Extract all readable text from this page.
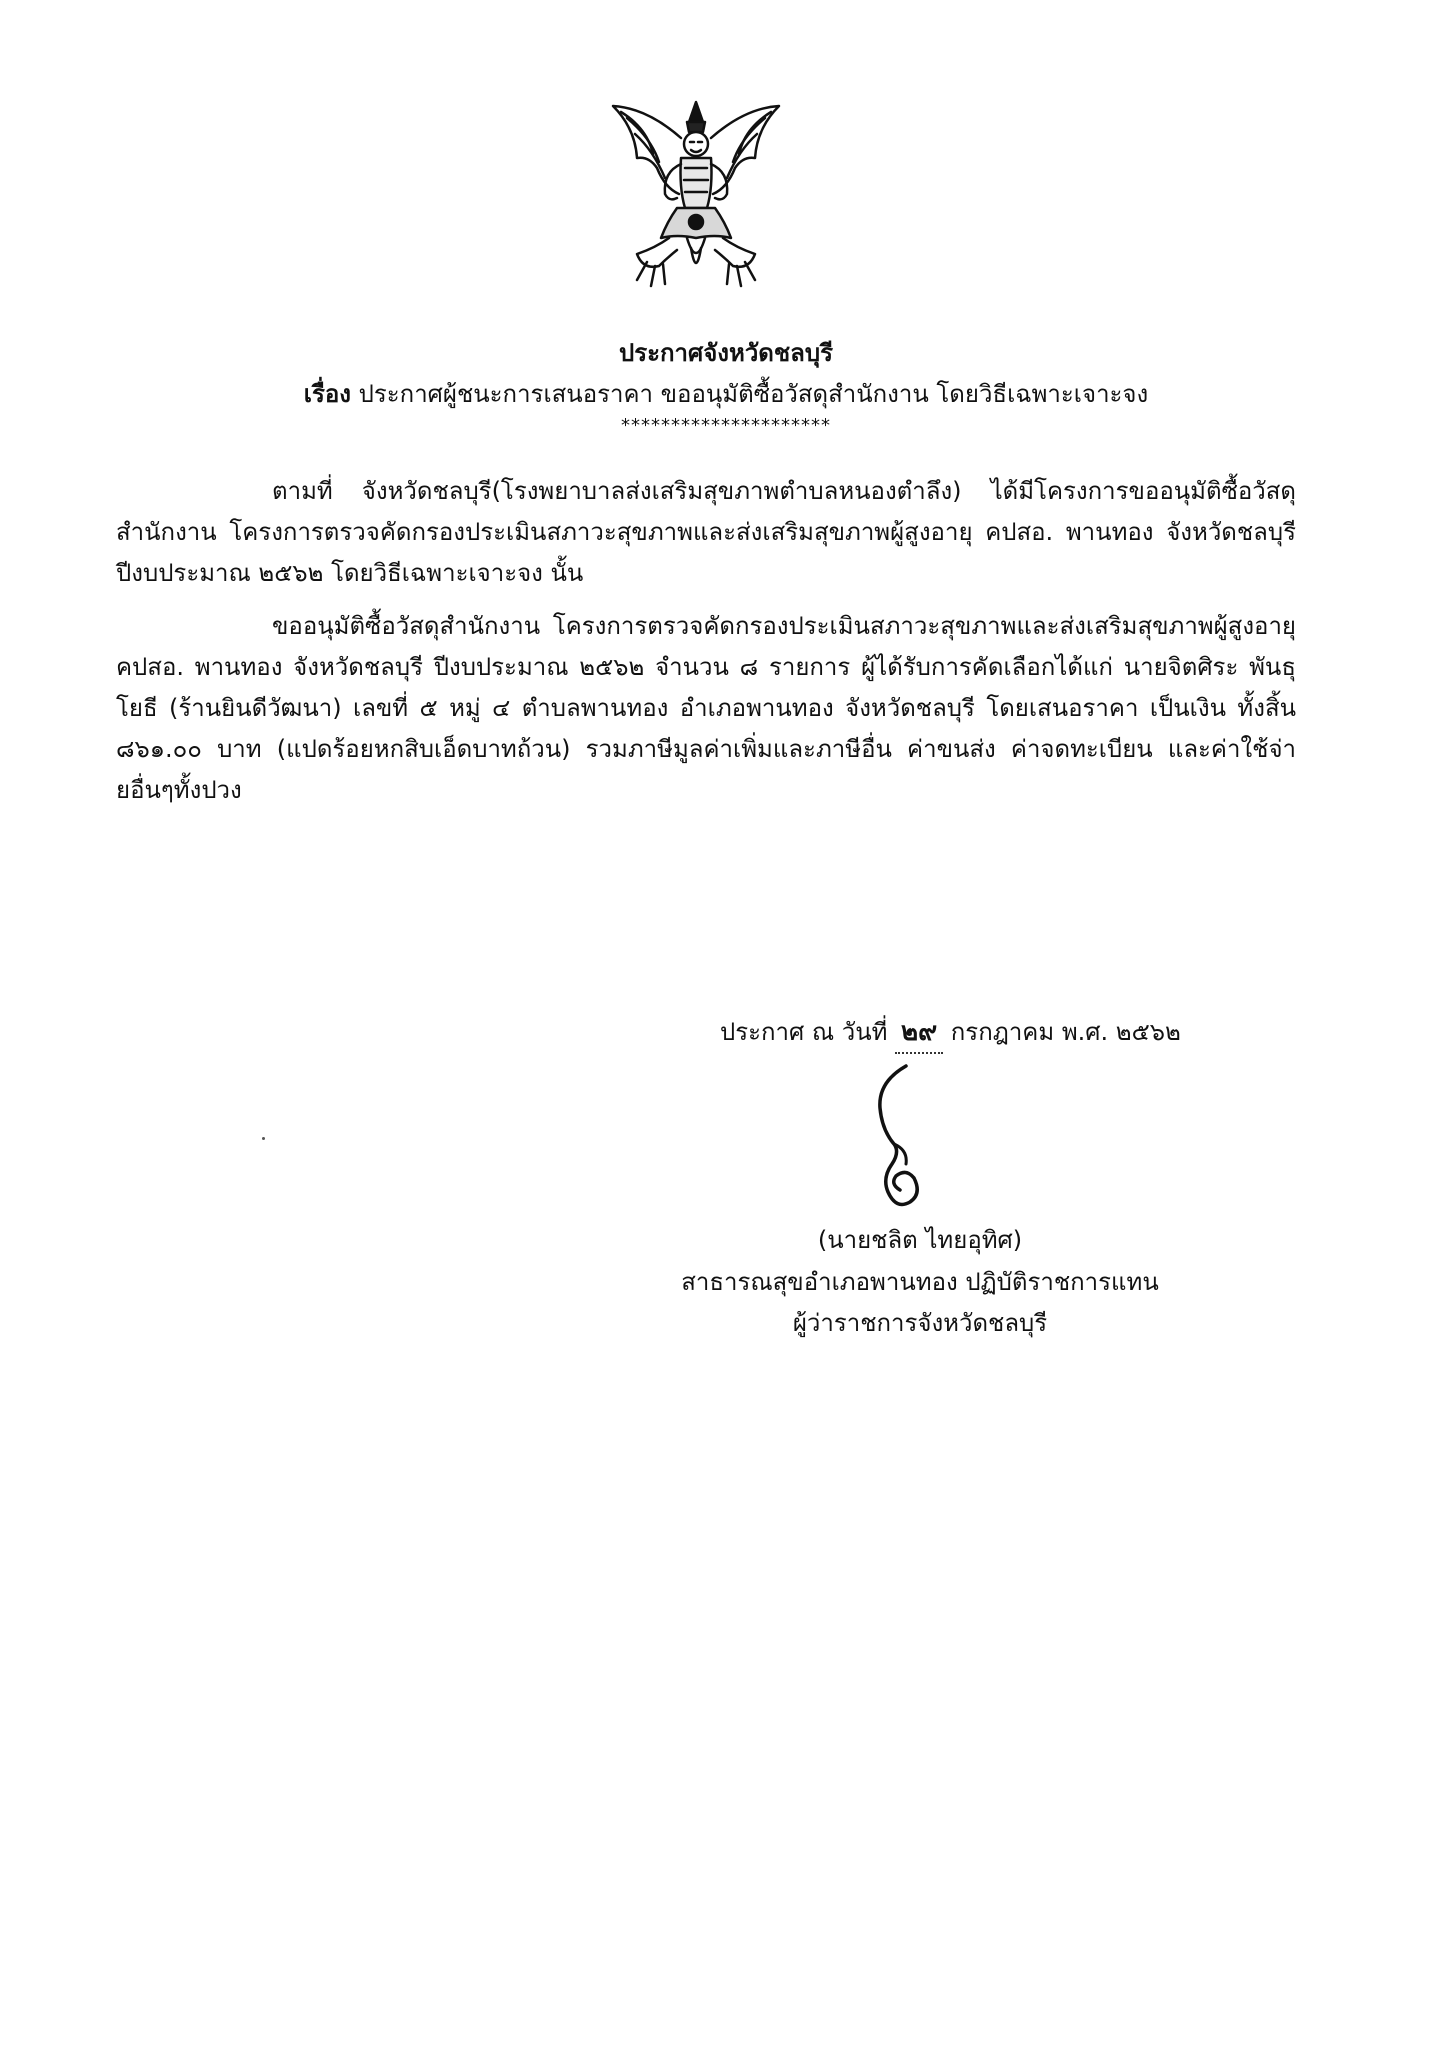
ประกาศจังหวัดชลบุรี
เรื่อง ประกาศผู้ชนะการเสนอราคา ขออนุมัติซื้อวัสดุสำนักงาน โดยวิธีเฉพาะเจาะจง
*********************
ตามที่ จังหวัดชลบุรี(โรงพยาบาลส่งเสริมสุขภาพตำบลหนองตำลึง) ได้มีโครงการขออนุมัติซื้อวัสดุ สำนักงาน โครงการตรวจคัดกรองประเมินสภาวะสุขภาพและส่งเสริมสุขภาพผู้สูงอายุ คปสอ. พานทอง จังหวัดชลบุรี ปีงบประมาณ ๒๕๖๒ โดยวิธีเฉพาะเจาะจง นั้น
ขออนุมัติซื้อวัสดุสำนักงาน โครงการตรวจคัดกรองประเมินสภาวะสุขภาพและส่งเสริมสุขภาพผู้สูงอายุ คปสอ. พานทอง จังหวัดชลบุรี ปีงบประมาณ ๒๕๖๒ จำนวน ๘ รายการ ผู้ได้รับการคัดเลือกได้แก่ นายจิตศิระ พันธุโยธี (ร้านยินดีวัฒนา) เลขที่ ๕ หมู่ ๔ ตำบลพานทอง อำเภอพานทอง จังหวัดชลบุรี โดยเสนอราคา เป็นเงิน ทั้งสิ้น ๘๖๑.๐๐ บาท (แปดร้อยหกสิบเอ็ดบาทถ้วน) รวมภาษีมูลค่าเพิ่มและภาษีอื่น ค่าขนส่ง ค่าจดทะเบียน และค่าใช้จ่ายอื่นๆทั้งปวง
ประกาศ ณ วันที่ ๒๙ กรกฎาคม พ.ศ. ๒๕๖๒
(นายชลิต ไทยอุทิศ)
สาธารณสุขอำเภอพานทอง ปฏิบัติราชการแทน
ผู้ว่าราชการจังหวัดชลบุรี
